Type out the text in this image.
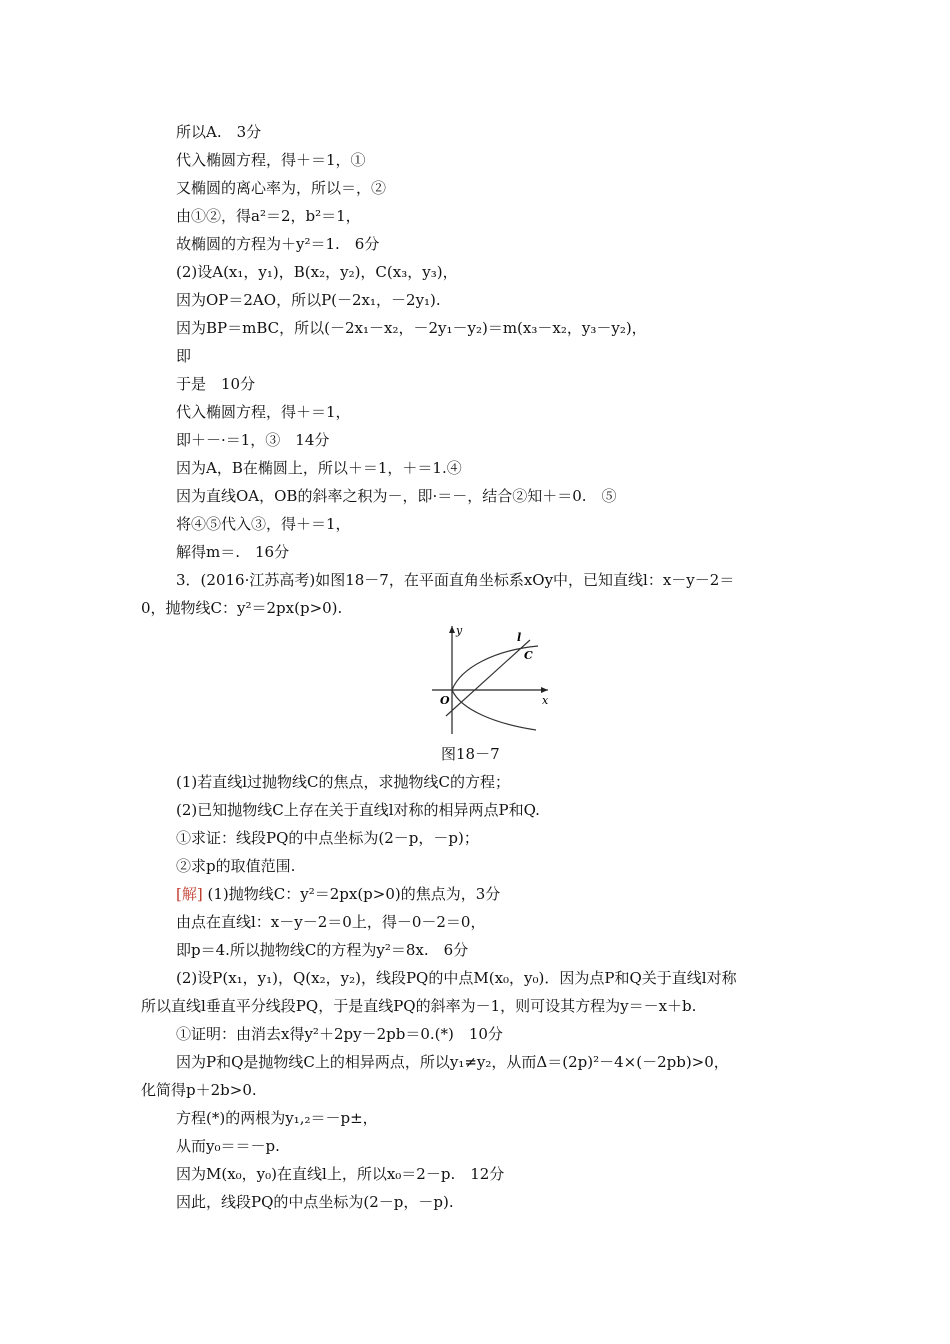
所以A.　3分
代入椭圆方程，得＋＝1，①
又椭圆的离心率为，所以＝，②
由①②，得a²＝2，b²＝1，
故椭圆的方程为＋y²＝1.　6分
(2)设A(x₁，y₁)，B(x₂，y₂)，C(x₃，y₃)，
因为OP＝2AO，所以P(－2x₁，－2y₁).
因为BP＝mBC，所以(－2x₁－x₂，－2y₁－y₂)＝m(x₃－x₂，y₃－y₂)，
即
于是　10分
代入椭圆方程，得＋＝1，
即＋－·＝1，③　14分
因为A，B在椭圆上，所以＋＝1，＋＝1.④
因为直线OA，OB的斜率之积为－，即·＝－，结合②知＋＝0.　⑤
将④⑤代入③，得＋＝1，
解得m＝.　16分
3．(2016·江苏高考)如图18－7，在平面直角坐标系xOy中，已知直线l：x－y－2＝
0，抛物线C：y²＝2px(p>0).
y
x
O
l
C
图18－7
(1)若直线l过抛物线C的焦点，求抛物线C的方程；
(2)已知抛物线C上存在关于直线l对称的相异两点P和Q.
①求证：线段PQ的中点坐标为(2－p，－p)；
②求p的取值范围.
[解] (1)抛物线C：y²＝2px(p>0)的焦点为，3分
由点在直线l：x－y－2＝0上，得－0－2＝0，
即p＝4.所以抛物线C的方程为y²＝8x.　6分
(2)设P(x₁，y₁)，Q(x₂，y₂)，线段PQ的中点M(x₀，y₀)．因为点P和Q关于直线l对称
所以直线l垂直平分线段PQ，于是直线PQ的斜率为－1，则可设其方程为y＝－x＋b.
①证明：由消去x得y²＋2py－2pb＝0.(*)　10分
因为P和Q是抛物线C上的相异两点，所以y₁≠y₂，从而Δ＝(2p)²－4×(－2pb)>0，
化简得p＋2b>0.
方程(*)的两根为y₁,₂＝－p±，
从而y₀＝＝－p.
因为M(x₀，y₀)在直线l上，所以x₀＝2－p.　12分
因此，线段PQ的中点坐标为(2－p，－p).
